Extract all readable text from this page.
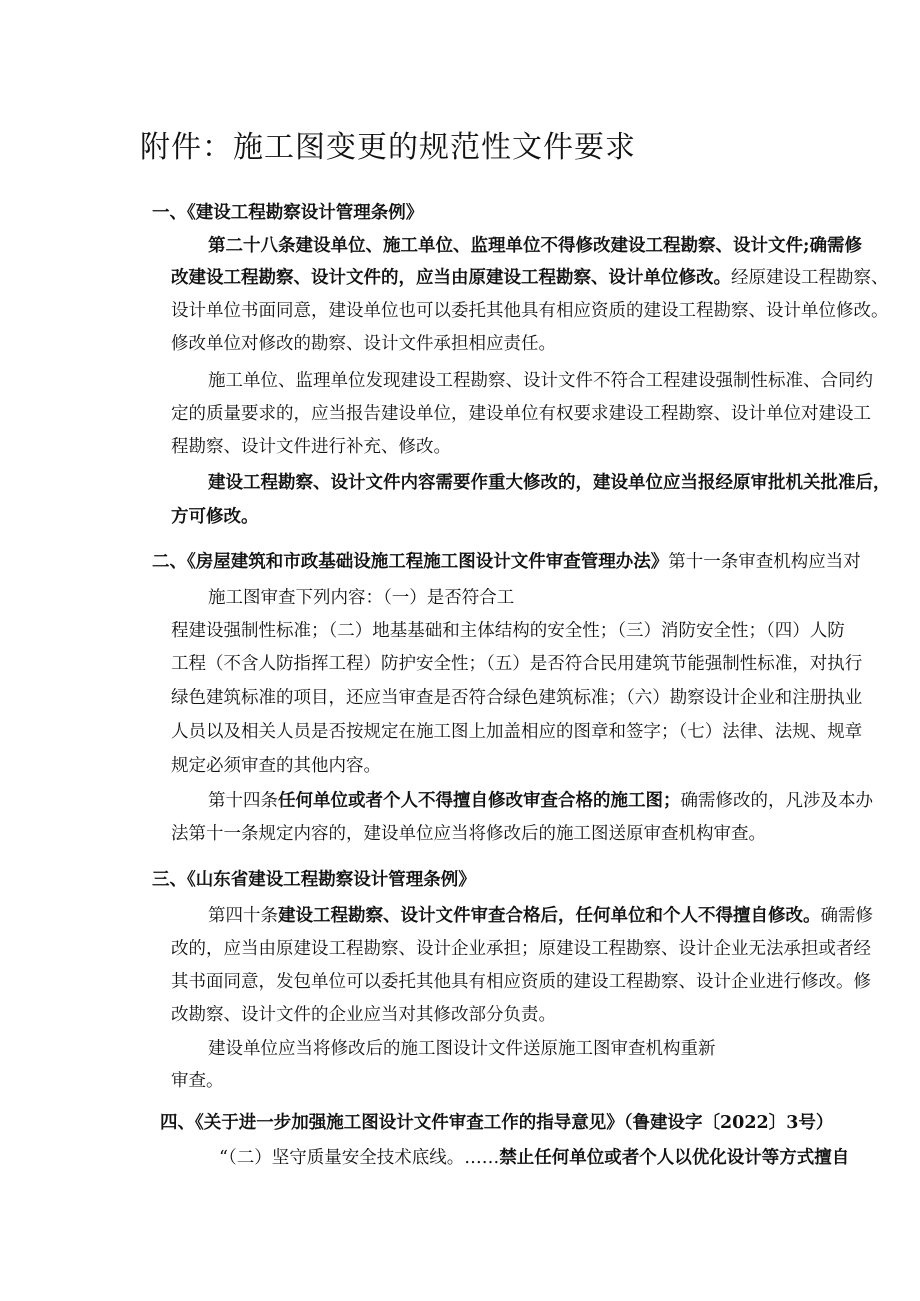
附件：施工图变更的规范性文件要求
一、《建设工程勘察设计管理条例》
第二十八条建设单位、施工单位、监理单位不得修改建设工程勘察、设计文件;确需修
改建设工程勘察、设计文件的，应当由原建设工程勘察、设计单位修改。经原建设工程勘察、
设计单位书面同意，建设单位也可以委托其他具有相应资质的建设工程勘察、设计单位修改。
修改单位对修改的勘察、设计文件承担相应责任。
施工单位、监理单位发现建设工程勘察、设计文件不符合工程建设强制性标准、合同约
定的质量要求的，应当报告建设单位，建设单位有权要求建设工程勘察、设计单位对建设工
程勘察、设计文件进行补充、修改。
建设工程勘察、设计文件内容需要作重大修改的，建设单位应当报经原审批机关批准后，
方可修改。
二、《房屋建筑和市政基础设施工程施工图设计文件审查管理办法》第十一条审查机构应当对
施工图审查下列内容：（一）是否符合工
程建设强制性标准；（二）地基基础和主体结构的安全性；（三）消防安全性；（四）人防
工程（不含人防指挥工程）防护安全性；（五）是否符合民用建筑节能强制性标准，对执行
绿色建筑标准的项目，还应当审查是否符合绿色建筑标准；（六）勘察设计企业和注册执业
人员以及相关人员是否按规定在施工图上加盖相应的图章和签字；（七）法律、法规、规章
规定必须审查的其他内容。
第十四条任何单位或者个人不得擅自修改审查合格的施工图；确需修改的，凡涉及本办
法第十一条规定内容的，建设单位应当将修改后的施工图送原审查机构审查。
三、《山东省建设工程勘察设计管理条例》
第四十条建设工程勘察、设计文件审查合格后，任何单位和个人不得擅自修改。确需修
改的，应当由原建设工程勘察、设计企业承担；原建设工程勘察、设计企业无法承担或者经
其书面同意，发包单位可以委托其他具有相应资质的建设工程勘察、设计企业进行修改。修
改勘察、设计文件的企业应当对其修改部分负责。
建设单位应当将修改后的施工图设计文件送原施工图审查机构重新
审查。
四、《关于进一步加强施工图设计文件审查工作的指导意见》（鲁建设字〔2022〕3号）
“（二）坚守质量安全技术底线。……禁止任何单位或者个人以优化设计等方式擅自
